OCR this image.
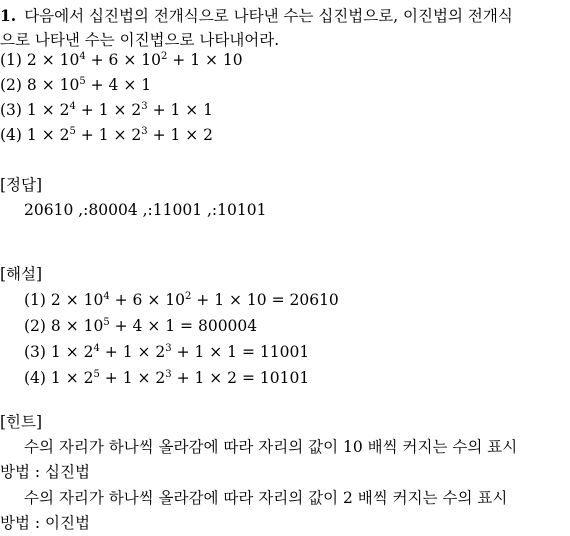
1. 다음에서 십진법의 전개식으로 나타낸 수는 십진법으로, 이진법의 전개식
으로 나타낸 수는 이진법으로 나타내어라.
(1) $2 \times 10^4 + 6 \times 10^2 + 1 \times 10$
(2) $8 \times 10^5 + 4 \times 1$
(3) $1 \times 2^4 + 1 \times 2^3 + 1 \times 1$
(4) $1 \times 2^5 + 1 \times 2^3 + 1 \times 2$
[정답]
20610 ,:80004 ,:11001 ,:10101
[해설]
(1) $2 \times 10^4 + 6 \times 10^2 + 1 \times 10 = 20610$
(2) $8 \times 10^5 + 4 \times 1 = 800004$
(3) $1 \times 2^4 + 1 \times 2^3 + 1 \times 1 = 11001$
(4) $1 \times 2^5 + 1 \times 2^3 + 1 \times 2 = 10101$
[힌트]
수의 자리가 하나씩 올라감에 따라 자리의 값이 10 배씩 커지는 수의 표시
방법 : 십진법
수의 자리가 하나씩 올라감에 따라 자리의 값이 2 배씩 커지는 수의 표시
방법 : 이진법
